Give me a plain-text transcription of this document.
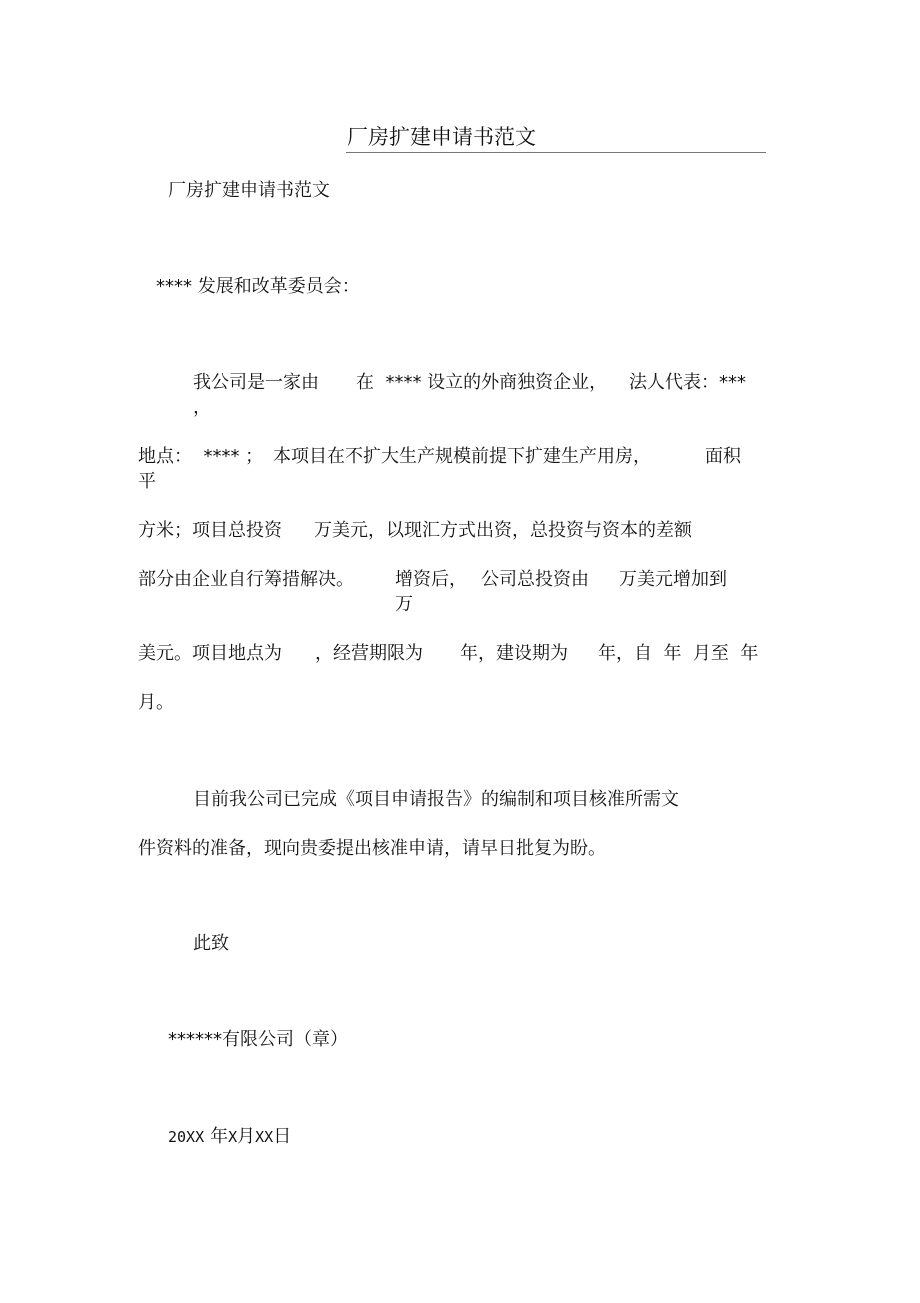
厂房扩建申请书范文
厂房扩建申请书范文
**** 发展和改革委员会：
我公司是一家由 在  **** 设立的外商独资企业， 法人代表：***
，
地点：  **** ； 本项目在不扩大生产规模前提下扩建生产用房，	面积
平
方米；项目总投资 万美元，以现汇方式出资，总投资与资本的差额
部分由企业自行筹措解决。 增资后， 公司总投资由 万美元增加到
万
美元。项目地点为 ，经营期限为 年，建设期为 年，自  年  月至  年
月。
目前我公司已完成《项目申请报告》的编制和项目核准所需文
件资料的准备，现向贵委提出核准申请，请早日批复为盼。
此致
****** 有限公司（章）
20XX 年X月XX日
